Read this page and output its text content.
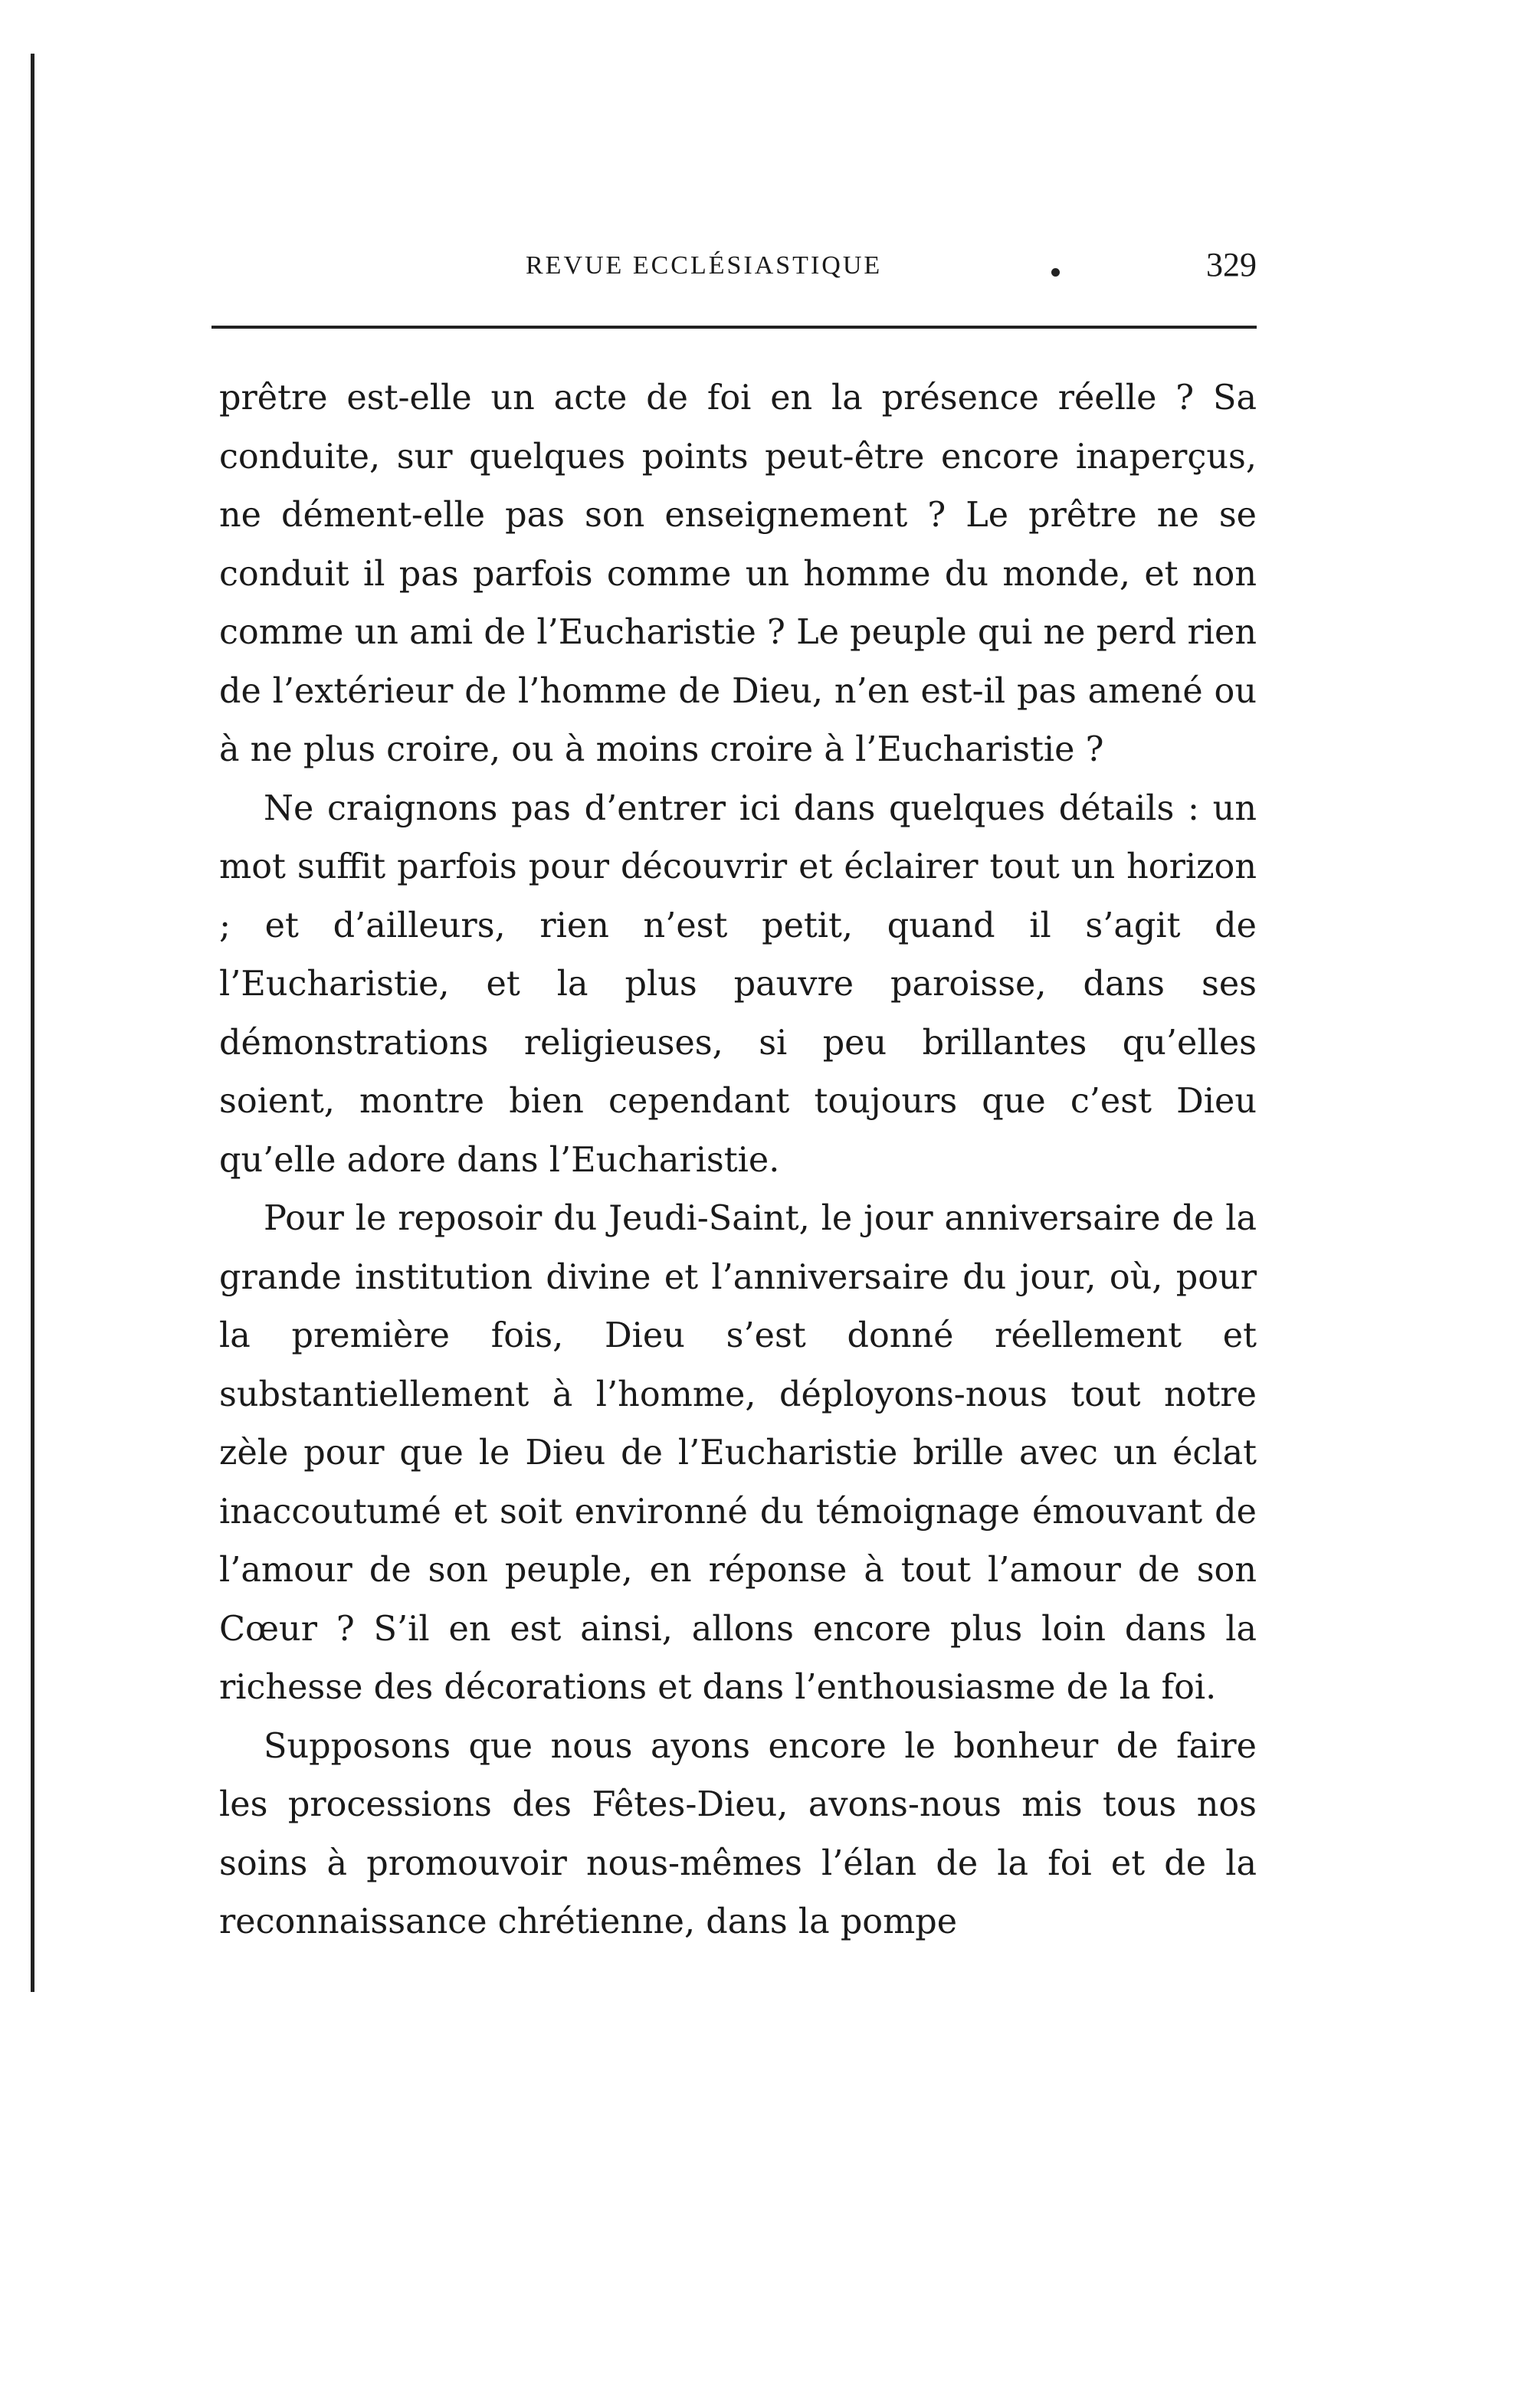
REVUE ECCLÉSIASTIQUE	329

prêtre est-elle un acte de foi en la présence réelle ? Sa conduite, sur quelques points peut-être encore inaperçus, ne dément-elle pas son enseignement ? Le prêtre ne se conduit il pas parfois comme un homme du monde, et non comme un ami de l’Eucharistie ? Le peuple qui ne perd rien de l’extérieur de l’homme de Dieu, n’en est-il pas amené ou à ne plus croire, ou à moins croire à l’Eucharistie ?

Ne craignons pas d’entrer ici dans quelques détails : un mot suffit parfois pour découvrir et éclairer tout un horizon ; et d’ailleurs, rien n’est petit, quand il s’agit de l’Eucharistie, et la plus pauvre paroisse, dans ses démonstrations religieuses, si peu brillantes qu’elles soient, montre bien cependant toujours que c’est Dieu qu’elle adore dans l’Eucharistie.

Pour le reposoir du Jeudi-Saint, le jour anniversaire de la grande institution divine et l’anniversaire du jour, où, pour la première fois, Dieu s’est donné réellement et substantiellement à l’homme, déployons-nous tout notre zèle pour que le Dieu de l’Eucharistie brille avec un éclat inaccoutumé et soit environné du témoignage émouvant de l’amour de son peuple, en réponse à tout l’amour de son Cœur ? S’il en est ainsi, allons encore plus loin dans la richesse des décorations et dans l’enthousiasme de la foi.

Supposons que nous ayons encore le bonheur de faire les processions des Fêtes-Dieu, avons-nous mis tous nos soins à promouvoir nous-mêmes l’élan de la foi et de la reconnaissance chrétienne, dans la pompe
